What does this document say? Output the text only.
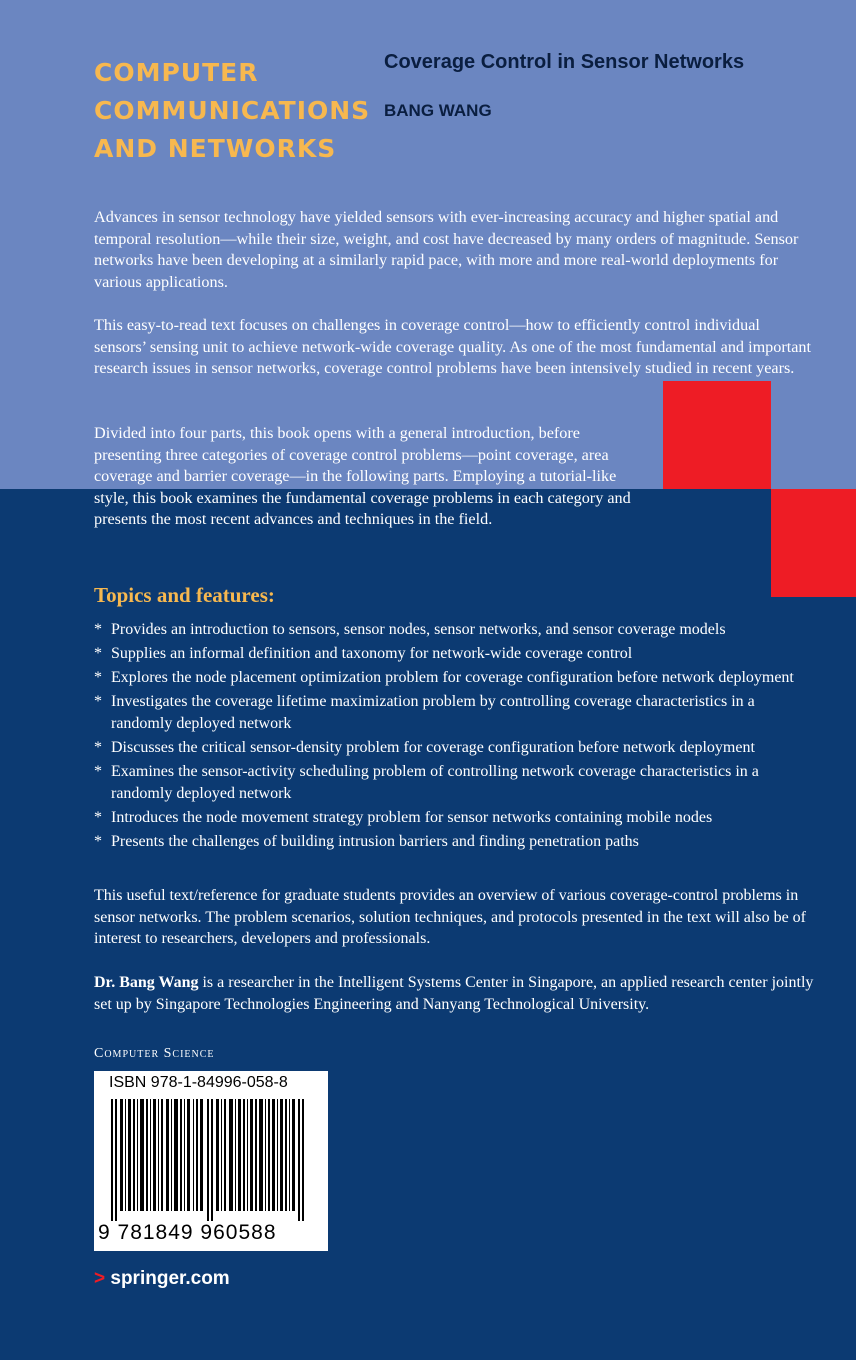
COMPUTER
COMMUNICATIONS
AND NETWORKS
Coverage Control in Sensor Networks
BANG WANG
Advances in sensor technology have yielded sensors with ever-increasing accuracy and higher spatial and temporal resolution—while their size, weight, and cost have decreased by many orders of magnitude. Sensor networks have been developing at a similarly rapid pace, with more and more real-world deployments for various applications.
This easy-to-read text focuses on challenges in coverage control—how to efficiently control individual sensors’ sensing unit to achieve network-wide coverage quality. As one of the most fundamental and important research issues in sensor networks, coverage control problems have been intensively studied in recent years.
Divided into four parts, this book opens with a general introduction, before presenting three categories of coverage control problems—point coverage, area coverage and barrier coverage—in the following parts. Employing a tutorial-like style, this book examines the fundamental coverage problems in each category and presents the most recent advances and techniques in the field.
Topics and features:
* Provides an introduction to sensors, sensor nodes, sensor networks, and sensor coverage models
* Supplies an informal definition and taxonomy for network-wide coverage control
* Explores the node placement optimization problem for coverage configuration before network deployment
* Investigates the coverage lifetime maximization problem by controlling coverage characteristics in a randomly deployed network
* Discusses the critical sensor-density problem for coverage configuration before network deployment
* Examines the sensor-activity scheduling problem of controlling network coverage characteristics in a randomly deployed network
* Introduces the node movement strategy problem for sensor networks containing mobile nodes
* Presents the challenges of building intrusion barriers and finding penetration paths
This useful text/reference for graduate students provides an overview of various coverage-control problems in sensor networks. The problem scenarios, solution techniques, and protocols presented in the text will also be of interest to researchers, developers and professionals.
Dr. Bang Wang is a researcher in the Intelligent Systems Center in Singapore, an applied research center jointly set up by Singapore Technologies Engineering and Nanyang Technological University.
Computer Science
ISBN 978-1-84996-058-8
9 781849 960588
> springer.com
